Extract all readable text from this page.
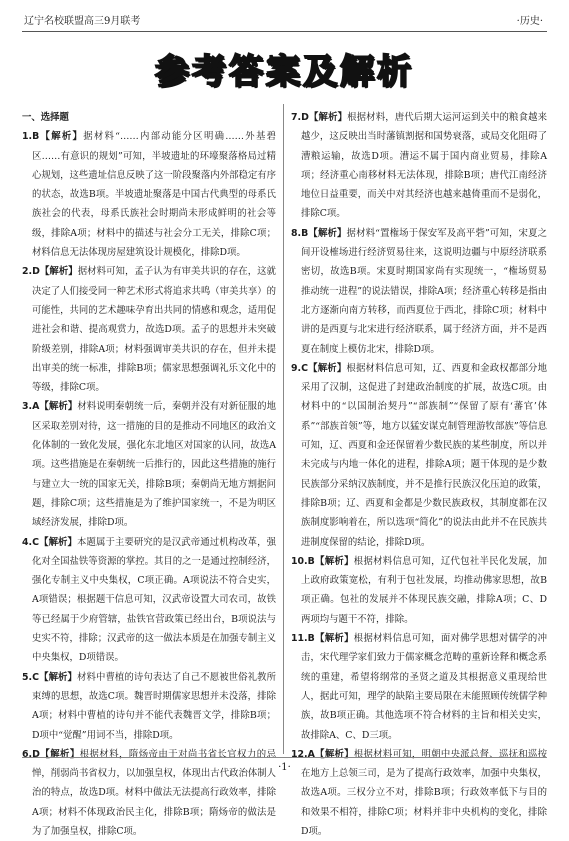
辽宁名校联盟高三9月联考	·历史·
参考答案及解析
一、选择题

1.B【解析】据材料“……内部动能分区明确……外基碧区……有意识的规划”可知，半坡遗址的环壕聚落格局过精心规划，这些遗址信息反映了这一阶段聚落内外部稳定有序的状态，故选B项。半坡遗址聚落是中国古代典型的母系氏族社会的代表，母系氏族社会时期尚未形成鲜明的社会等级，排除A项；材料中的描述与社会分工无关，排除C项；材料信息无法体现房屋建筑设计规模化，排除D项。

2.D【解析】据材料可知，孟子认为有审美共识的存在，这就决定了人们接受同一种艺术形式将追求共鸣（审美共享）的可能性，共同的艺术趣味孕育出共同的情感和观念，适用促进社会和谐、提高观赏力，故选D项。孟子的思想并未突破阶级差别，排除A项；材料强调审美共识的存在，但并未提出审美的统一标准，排除B项；儒家思想强调礼乐文化中的等级，排除C项。

3.A【解析】材料说明秦朝统一后，秦朝并没有对新征服的地区采取差别对待，这一措施的目的是推动不同地区的政治文化体制的一致化发展，强化东北地区对国家的认同，故选A项。这些措施是在秦朝统一后推行的，因此这些措施的施行与建立大一统的国家无关，排除B项；秦朝尚无地方割据问题，排除C项；这些措施是为了维护国家统一，不是为明区域经济发展，排除D项。

4.C【解析】本题属于主要研究的是汉武帝通过机构改革，强化对全国盐铁等资源的掌控。其目的之一是通过控制经济，强化专制主义中央集权，C项正确。A项说法不符合史实，A项错误；根据题干信息可知，汉武帝设置大司农司，故铁等已经属于少府管辖，盐铁官营政策已经出台，B项说法与史实不符，排除；汉武帝的这一做法本质是在加强专制主义中央集权，D项错误。

5.C【解析】材料中曹植的诗句表达了自己不愿被世俗礼教所束缚的思想，故选C项。魏晋时期儒家思想并未没落，排除A项；材料中曹植的诗句并不能代表魏晋文学，排除B项；D项中“觉醒”用词不当，排除D项。

6.D【解析】根据材料，隋炀帝由于对尚书省长官权力的忌惮，削弱尚书省权力，以加强皇权，体现出古代政治体制人治的特点，故选D项。材料中做法无法提高行政效率，排除A项；材料不体现政治民主化，排除B项；隋炀帝的做法是为了加强皇权，排除C项。

7.D【解析】根据材料，唐代后期大运河运到关中的粮食越来越少，这反映出当时藩镇割据和国势衰落，或局交化阻碍了漕粮运输，故选D项。漕运不属于国内商业贸易，排除A项；经济重心南移材料无法体现，排除B项；唐代江南经济地位日益重要，而关中对其经济也越来越倚重而不是弱化，排除C项。

8.B【解析】据材料“置権场于保安军及高平砦”可知，宋夏之间开设榷场进行经济贸易往来，这说明边疆与中原经济联系密切，故选B项。宋夏时期国家尚有实现统一，“権场贸易推动统一进程”的说法错误，排除A项；经济重心转移是指由北方逐渐向南方转移，而西夏位于西北，排除C项；材料中讲的是西夏与北宋进行经济联系，属于经济方面，并不是西夏在制度上模仿北宋，排除D项。

9.C【解析】根据材料信息可知，辽、西夏和金政权都部分地采用了汉制，这促进了封建政治制度的扩展，故选C项。由材料中的“以国制治契丹”“部族制”“保留了原有‘蕃官’体系”“部族首领”等，地方以猛安谋克制管理游牧部族”等信息可知，辽、西夏和金还保留着少数民族的某些制度，所以并未完成与内地一体化的进程，排除A项；题干体现的是少数民族部分采纳汉族制度，并不是推行民族汉化压迫的政策，排除B项；辽、西夏和金都是少数民族政权，其制度都在汉族制度影响着在，所以选项“简化”的说法由此并不在民族共进制度保留的结论，排除D项。

10.B【解析】根据材料信息可知，辽代包社半民化发展，加上政府政策宽松，有利于包社发展，均推动佛家思想，故B项正确。包社的发展并不体现民族交融，排除A项；C、D两项均与题干不符，排除。

11.B【解析】根据材料信息可知，面对佛学思想对儒学的冲击，宋代理学家们致力于儒家概念范畴的重新诠释和概念系统的重建，希望将纲常的圣贤之道及其根据意义重现给世人，据此可知，理学的缺陷主要局限在未能照顾传统儒学种族，故B项正确。其他选项不符合材料的主旨和相关史实，故排除A、C、D三项。

12.A【解析】根据材料可知，明朝中央派总督、巡抚和巡按在地方上总领三司，是为了提高行政效率，加强中央集权，故选A项。三权分立不对，排除B项；行政效率低下与目的和效果不相符，排除C项；材料并非中央机构的变化，排除D项。

·1·
